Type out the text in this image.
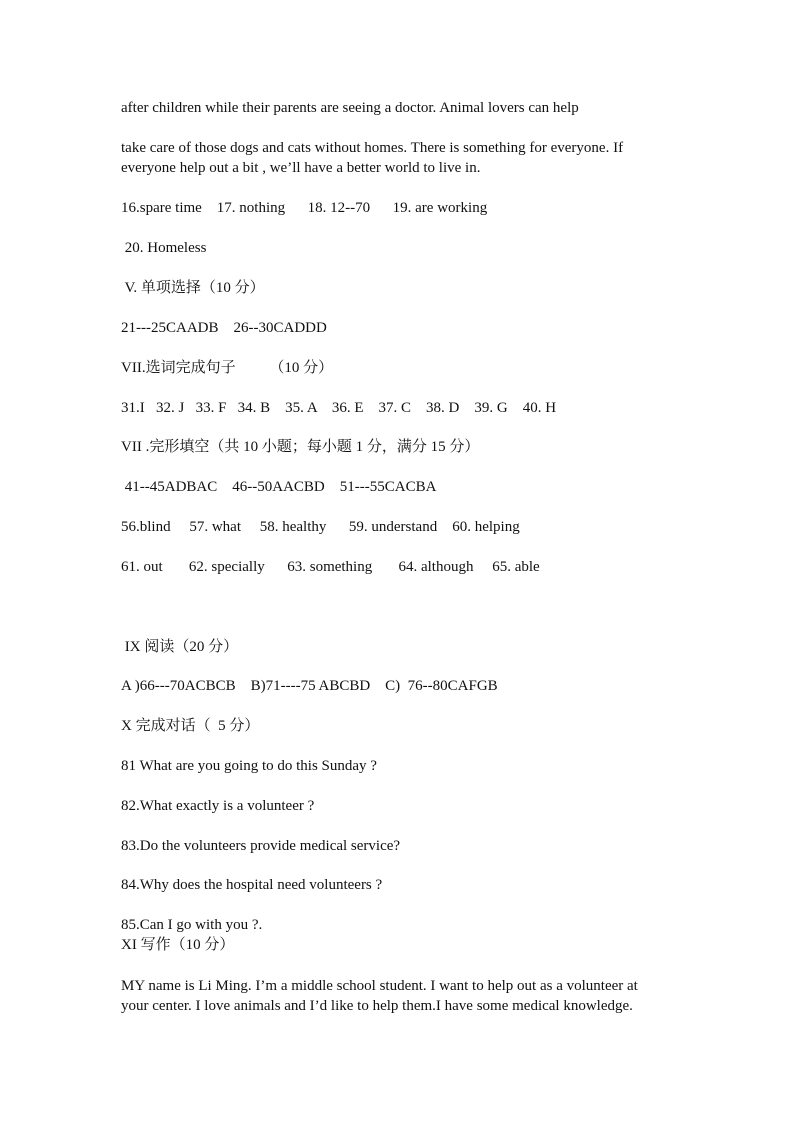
after children while their parents are seeing a doctor. Animal lovers can help
take care of those dogs and cats without homes. There is something for everyone. If
everyone help out a bit , we’ll have a better world to live in.
16.spare time    17. nothing      18. 12--70      19. are working
20. Homeless
V. 单项选择（10 分）
21---25CAADB    26--30CADDD
VII.选词完成句子         （10 分）
31.I   32. J   33. F   34. B    35. A    36. E    37. C    38. D    39. G    40. H
VII .完形填空（共 10 小题；每小题 1 分，满分 15 分）
41--45ADBAC    46--50AACBD    51---55CACBA
56.blind     57. what     58. healthy      59. understand    60. helping
61. out       62. specially      63. something       64. although     65. able
IX 阅读（20 分）
A )66---70ACBCB    B)71----75 ABCBD    C)  76--80CAFGB
X 完成对话（  5 分）
81 What are you going to do this Sunday ?
82.What exactly is a volunteer ?
83.Do the volunteers provide medical service?
84.Why does the hospital need volunteers ?
85.Can I go with you ?.
XI 写作（10 分）
MY name is Li Ming. I’m a middle school student. I want to help out as a volunteer at
your center. I love animals and I’d like to help them.I have some medical knowledge.
